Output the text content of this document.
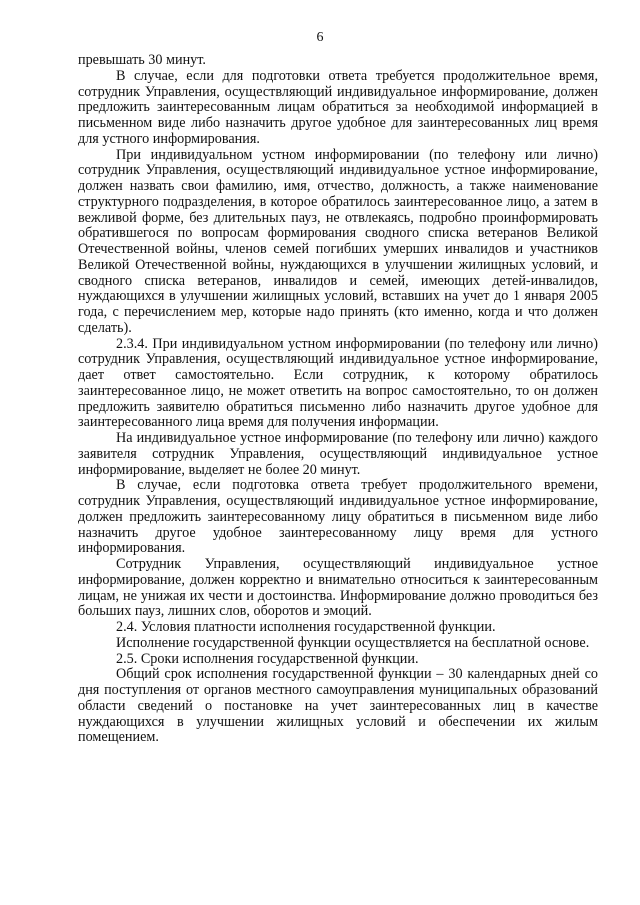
6

превышать 30 минут.

В случае, если для подготовки ответа требуется продолжительное время, сотрудник Управления, осуществляющий индивидуальное информирование, должен предложить заинтересованным лицам обратиться за необходимой информацией в письменном виде либо назначить другое удобное для заинтересованных лиц время для устного информирования.

При индивидуальном устном информировании (по телефону или лично) сотрудник Управления, осуществляющий индивидуальное устное информирование, должен назвать свои фамилию, имя, отчество, должность, а также наименование структурного подразделения, в которое обратилось заинтересованное лицо, а затем в вежливой форме, без длительных пауз, не отвлекаясь, подробно проинформировать обратившегося по вопросам формирования сводного списка ветеранов Великой Отечественной войны, членов семей погибших умерших инвалидов и участников Великой Отечественной войны, нуждающихся в улучшении жилищных условий, и сводного списка ветеранов, инвалидов и семей, имеющих детей-инвалидов, нуждающихся в улучшении жилищных условий, вставших на учет до 1 января 2005 года, с перечислением мер, которые надо принять (кто именно, когда и что должен сделать).

2.3.4. При индивидуальном устном информировании (по телефону или лично) сотрудник Управления, осуществляющий индивидуальное устное информирование, дает ответ самостоятельно. Если сотрудник, к которому обратилось заинтересованное лицо, не может ответить на вопрос самостоятельно, то он должен предложить заявителю обратиться письменно либо назначить другое удобное для заинтересованного лица время для получения информации.

На индивидуальное устное информирование (по телефону или лично) каждого заявителя сотрудник Управления, осуществляющий индивидуальное устное информирование, выделяет не более 20 минут.

В случае, если подготовка ответа требует продолжительного времени, сотрудник Управления, осуществляющий индивидуальное устное информирование, должен предложить заинтересованному лицу обратиться в письменном виде либо назначить другое удобное заинтересованному лицу время для устного информирования.

Сотрудник Управления, осуществляющий индивидуальное устное информирование, должен корректно и внимательно относиться к заинтересованным лицам, не унижая их чести и достоинства. Информирование должно проводиться без больших пауз, лишних слов, оборотов и эмоций.

2.4. Условия платности исполнения государственной функции.

Исполнение государственной функции осуществляется на бесплатной основе.

2.5. Сроки исполнения государственной функции.

Общий срок исполнения государственной функции – 30 календарных дней со дня поступления от органов местного самоуправления муниципальных образований области сведений о постановке на учет заинтересованных лиц в качестве нуждающихся в улучшении жилищных условий и обеспечении их жилым помещением.
